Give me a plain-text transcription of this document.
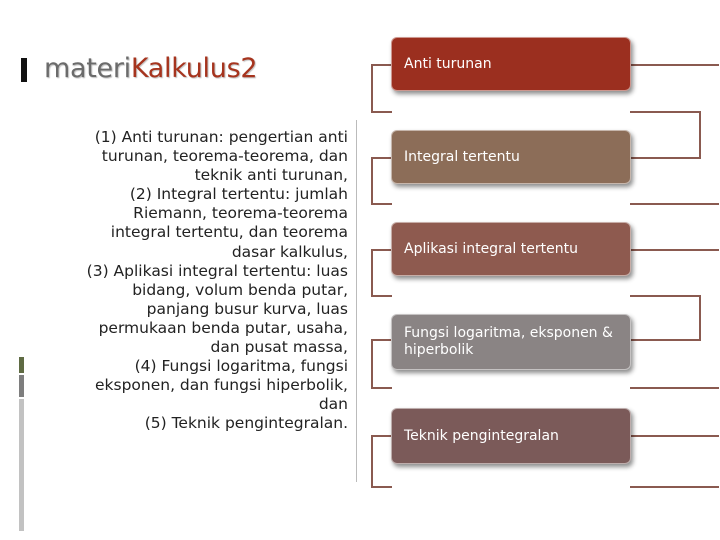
materiKalkulus2
(1) Anti turunan: pengertian anti
turunan, teorema-teorema, dan
teknik anti turunan,
(2) Integral tertentu: jumlah
Riemann, teorema-teorema
integral tertentu, dan teorema
dasar kalkulus,
(3) Aplikasi integral tertentu: luas
bidang, volum benda putar,
panjang busur kurva, luas
permukaan benda putar, usaha,
dan pusat massa,
(4) Fungsi logaritma, fungsi
eksponen, dan fungsi hiperbolik,
dan
(5) Teknik pengintegralan.
Anti turunan
Integral tertentu
Aplikasi integral tertentu
Fungsi logaritma, eksponen & hiperbolik
Teknik pengintegralan
